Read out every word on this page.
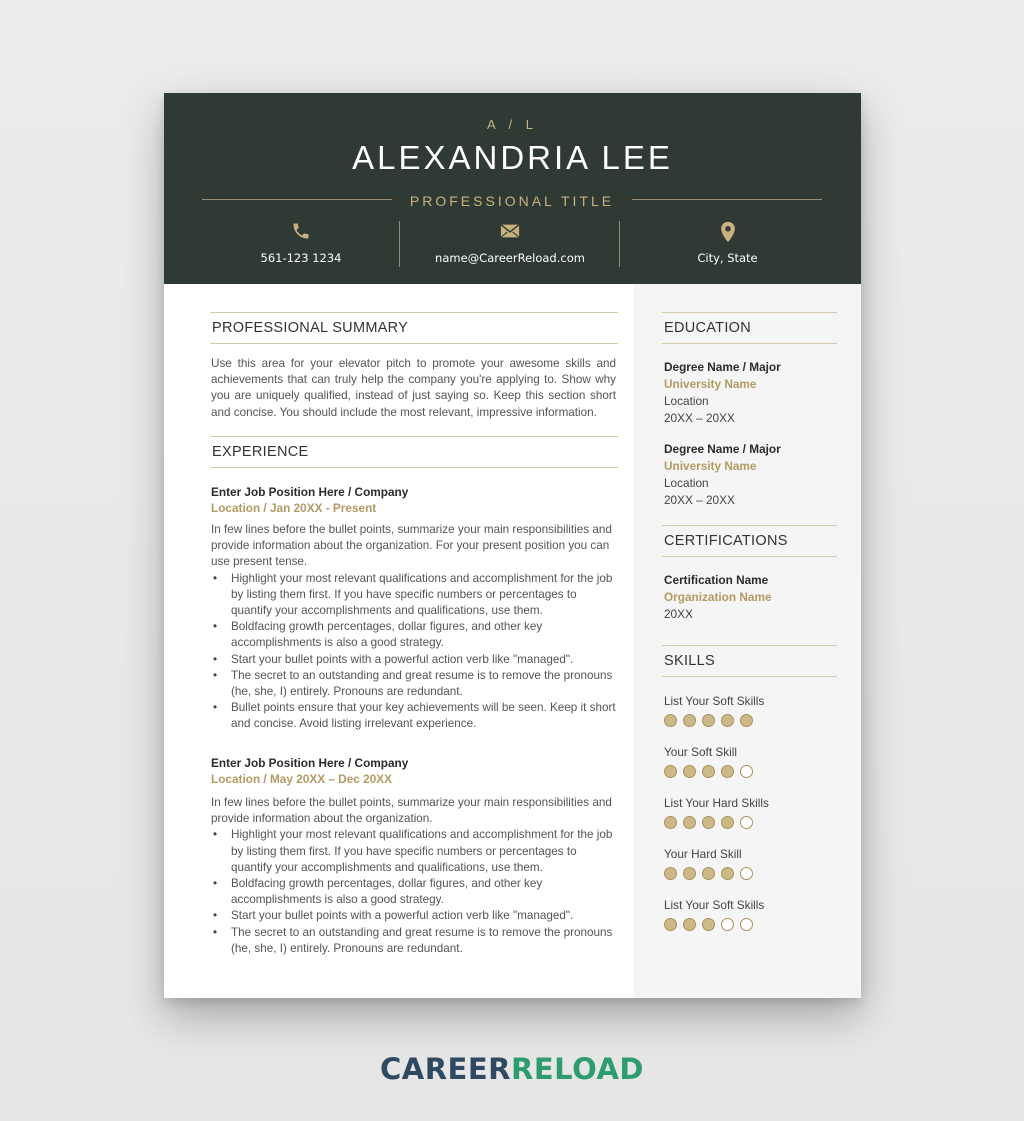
A / L
ALEXANDRIA LEE
PROFESSIONAL TITLE
561-123 1234	name@CareerReload.com	City, State
PROFESSIONAL SUMMARY
Use this area for your elevator pitch to promote your awesome skills and achievements that can truly help the company you're applying to. Show why you are uniquely qualified, instead of just saying so. Keep this section short and concise. You should include the most relevant, impressive information.
EXPERIENCE
Enter Job Position Here / Company
Location / Jan 20XX - Present
In few lines before the bullet points, summarize your main responsibilities and provide information about the organization. For your present position you can use present tense.
• Highlight your most relevant qualifications and accomplishment for the job by listing them first. If you have specific numbers or percentages to quantify your accomplishments and qualifications, use them.
• Boldfacing growth percentages, dollar figures, and other key accomplishments is also a good strategy.
• Start your bullet points with a powerful action verb like "managed".
• The secret to an outstanding and great resume is to remove the pronouns (he, she, I) entirely. Pronouns are redundant.
• Bullet points ensure that your key achievements will be seen. Keep it short and concise. Avoid listing irrelevant experience.
Enter Job Position Here / Company
Location / May 20XX – Dec 20XX
In few lines before the bullet points, summarize your main responsibilities and provide information about the organization.
• Highlight your most relevant qualifications and accomplishment for the job by listing them first. If you have specific numbers or percentages to quantify your accomplishments and qualifications, use them.
• Boldfacing growth percentages, dollar figures, and other key accomplishments is also a good strategy.
• Start your bullet points with a powerful action verb like "managed".
• The secret to an outstanding and great resume is to remove the pronouns (he, she, I) entirely. Pronouns are redundant.
EDUCATION
Degree Name / Major
University Name
Location
20XX – 20XX
Degree Name / Major
University Name
Location
20XX – 20XX
CERTIFICATIONS
Certification Name
Organization Name
20XX
SKILLS
List Your Soft Skills
Your Soft Skill
List Your Hard Skills
Your Hard Skill
List Your Soft Skills
CAREERRELOAD
